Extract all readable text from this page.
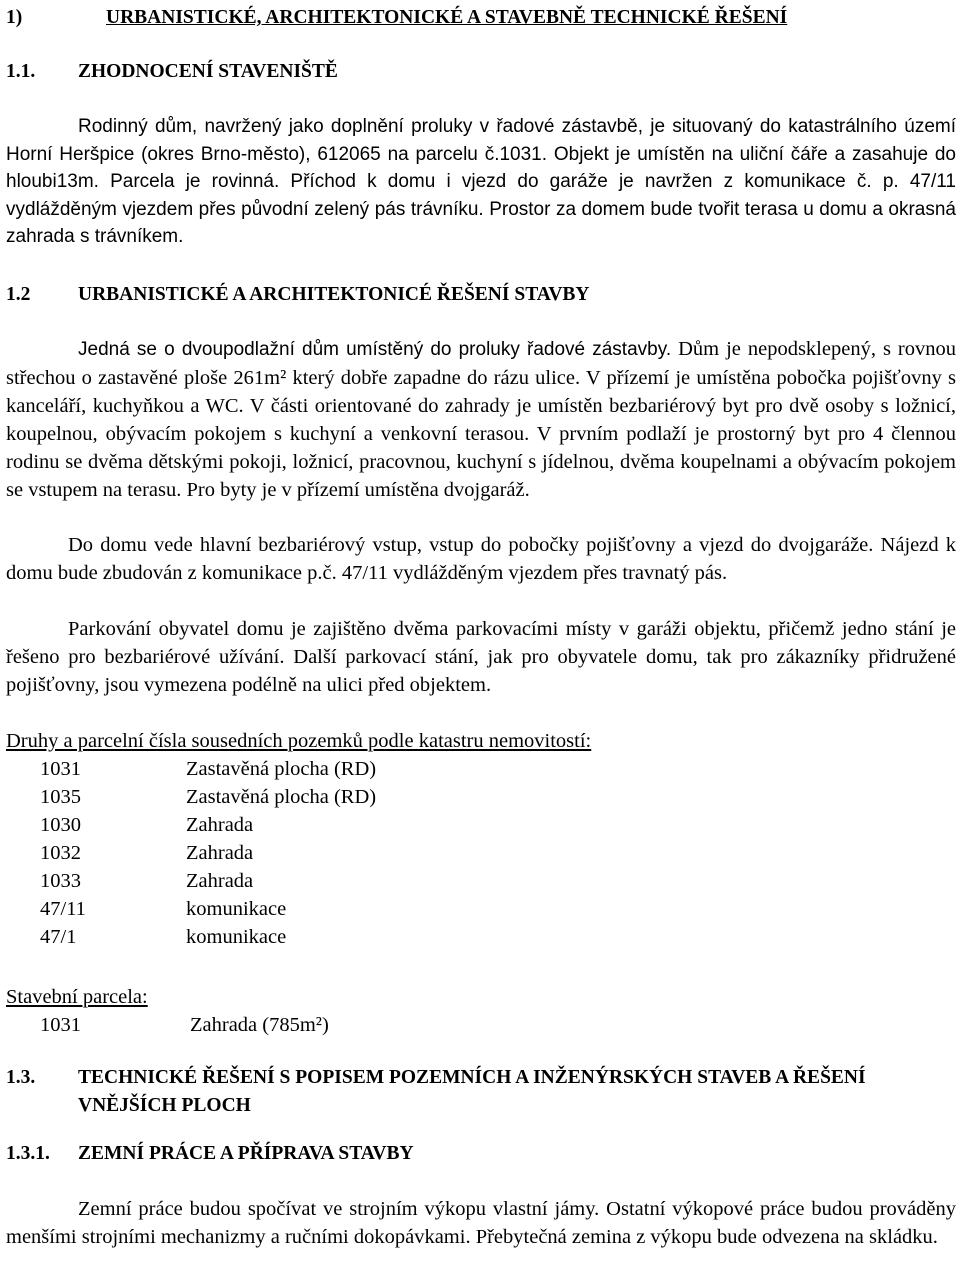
1)	URBANISTICKÉ, ARCHITEKTONICKÉ A STAVEBNĚ TECHNICKÉ ŘEŠENÍ
1.1.	ZHODNOCENÍ STAVENIŠTĚ

Rodinný dům, navržený jako doplnění proluky v řadové zástavbě, je situovaný do katastrálního území Horní Heršpice (okres Brno-město), 612065 na parcelu č.1031. Objekt je umístěn na uliční čáře a zasahuje do hloubi13m. Parcela je rovinná. Příchod k domu i vjezd do garáže je navržen z komunikace č. p. 47/11 vydlážděným vjezdem přes původní zelený pás trávníku. Prostor za domem bude tvořit terasa u domu a okrasná zahrada s trávníkem.

1.2	URBANISTICKÉ A ARCHITEKTONICÉ ŘEŠENÍ STAVBY

Jedná se o dvoupodlažní dům umístěný do proluky řadové zástavby. Dům je nepodsklepený, s rovnou střechou o zastavěné ploše 261m² který dobře zapadne do rázu ulice. V přízemí je umístěna pobočka pojišťovny s kanceláří, kuchyňkou a WC. V části orientované do zahrady je umístěn bezbariérový byt pro dvě osoby s ložnicí, koupelnou, obývacím pokojem s kuchyní a venkovní terasou. V prvním podlaží je prostorný byt pro 4 člennou rodinu se dvěma dětskými pokoji, ložnicí, pracovnou, kuchyní s jídelnou, dvěma koupelnami a obývacím pokojem se vstupem na terasu. Pro byty je v přízemí umístěna dvojgaráž.

Do domu vede hlavní bezbariérový vstup, vstup do pobočky pojišťovny a vjezd do dvojgaráže. Nájezd k domu bude zbudován z komunikace p.č. 47/11 vydlážděným vjezdem přes travnatý pás.

Parkování obyvatel domu je zajištěno dvěma parkovacími místy v garáži objektu, přičemž jedno stání je řešeno pro bezbariérové užívání. Další parkovací stání, jak pro obyvatele domu, tak pro zákazníky přidružené pojišťovny, jsou vymezena podélně na ulici před objektem.

Druhy a parcelní čísla sousedních pozemků podle katastru nemovitostí:
1031	Zastavěná plocha (RD)
1035	Zastavěná plocha (RD)
1030	Zahrada
1032	Zahrada
1033	Zahrada
47/11	komunikace
47/1	komunikace
Stavební parcela:
1031	Zahrada (785m²)
1.3.	TECHNICKÉ ŘEŠENÍ S POPISEM POZEMNÍCH A INŽENÝRSKÝCH STAVEB A ŘEŠENÍ VNĚJŠÍCH PLOCH
1.3.1.	ZEMNÍ PRÁCE A PŘÍPRAVA STAVBY

Zemní práce budou spočívat ve strojním výkopu vlastní jámy. Ostatní výkopové práce budou prováděny menšími strojními mechanizmy a ručními dokopávkami. Přebytečná zemina z výkopu bude odvezena na skládku.
